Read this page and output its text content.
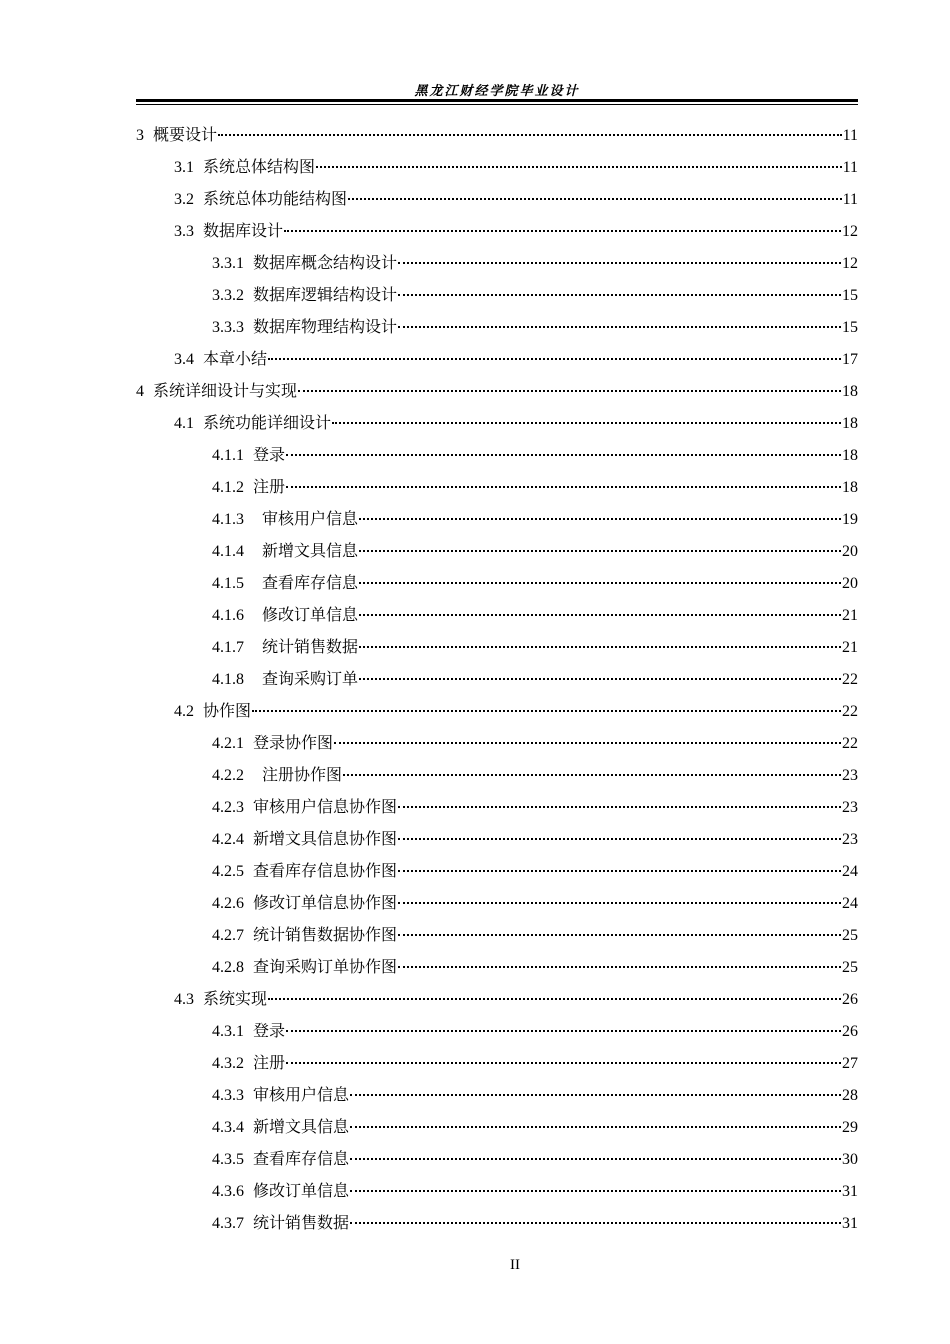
黑龙江财经学院毕业设计
3 概要设计	11
3.1 系统总体结构图	11
3.2 系统总体功能结构图	11
3.3 数据库设计	12
3.3.1 数据库概念结构设计	12
3.3.2 数据库逻辑结构设计	15
3.3.3 数据库物理结构设计	15
3.4 本章小结	17
4 系统详细设计与实现	18
4.1 系统功能详细设计	18
4.1.1 登录	18
4.1.2 注册	18
4.1.3 审核用户信息	19
4.1.4 新增文具信息	20
4.1.5 查看库存信息	20
4.1.6 修改订单信息	21
4.1.7 统计销售数据	21
4.1.8 查询采购订单	22
4.2 协作图	22
4.2.1 登录协作图	22
4.2.2 注册协作图	23
4.2.3 审核用户信息协作图	23
4.2.4 新增文具信息协作图	23
4.2.5 查看库存信息协作图	24
4.2.6 修改订单信息协作图	24
4.2.7 统计销售数据协作图	25
4.2.8 查询采购订单协作图	25
4.3 系统实现	26
4.3.1 登录	26
4.3.2 注册	27
4.3.3 审核用户信息	28
4.3.4 新增文具信息	29
4.3.5 查看库存信息	30
4.3.6 修改订单信息	31
4.3.7 统计销售数据	31
II
